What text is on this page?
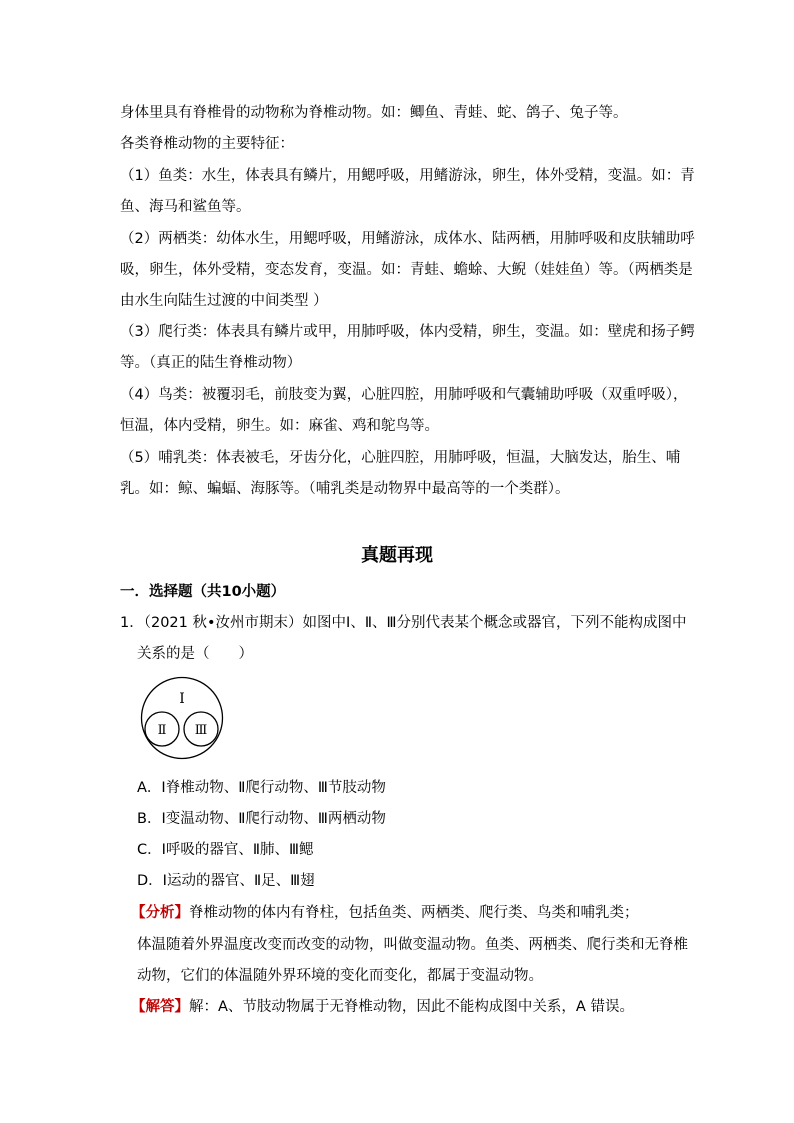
身体里具有脊椎骨的动物称为脊椎动物。如：鲫鱼、青蛙、蛇、鸽子、兔子等。
各类脊椎动物的主要特征：
（1）鱼类：水生，体表具有鳞片，用鳃呼吸，用鳍游泳，卵生，体外受精，变温。如：青
鱼、海马和鲨鱼等。
（2）两栖类：幼体水生，用鳃呼吸，用鳍游泳，成体水、陆两栖，用肺呼吸和皮肤辅助呼
吸，卵生，体外受精，变态发育，变温。如：青蛙、蟾蜍、大鲵（娃娃鱼）等。（两栖类是
由水生向陆生过渡的中间类型 ）
（3）爬行类：体表具有鳞片或甲，用肺呼吸，体内受精，卵生，变温。如：壁虎和扬子鳄
等。（真正的陆生脊椎动物）
（4）鸟类：被覆羽毛，前肢变为翼，心脏四腔，用肺呼吸和气囊辅助呼吸（双重呼吸），
恒温，体内受精，卵生。如：麻雀、鸡和鸵鸟等。
（5）哺乳类：体表被毛，牙齿分化，心脏四腔，用肺呼吸，恒温，大脑发达，胎生、哺
乳。如：鲸、蝙蝠、海豚等。（哺乳类是动物界中最高等的一个类群）。
真题再现
一．选择题（共10小题）
1．（2021 秋•汝州市期末）如图中Ⅰ、Ⅱ、Ⅲ分别代表某个概念或器官，下列不能构成图中
关系的是（　　）
Ⅰ
Ⅱ Ⅲ
A．Ⅰ脊椎动物、Ⅱ爬行动物、Ⅲ节肢动物
B．Ⅰ变温动物、Ⅱ爬行动物、Ⅲ两栖动物
C．Ⅰ呼吸的器官、Ⅱ肺、Ⅲ鳃
D．Ⅰ运动的器官、Ⅱ足、Ⅲ翅
【分析】脊椎动物的体内有脊柱，包括鱼类、两栖类、爬行类、鸟类和哺乳类；
体温随着外界温度改变而改变的动物，叫做变温动物。鱼类、两栖类、爬行类和无脊椎
动物，它们的体温随外界环境的变化而变化，都属于变温动物。
【解答】解：A、节肢动物属于无脊椎动物，因此不能构成图中关系，A 错误。
